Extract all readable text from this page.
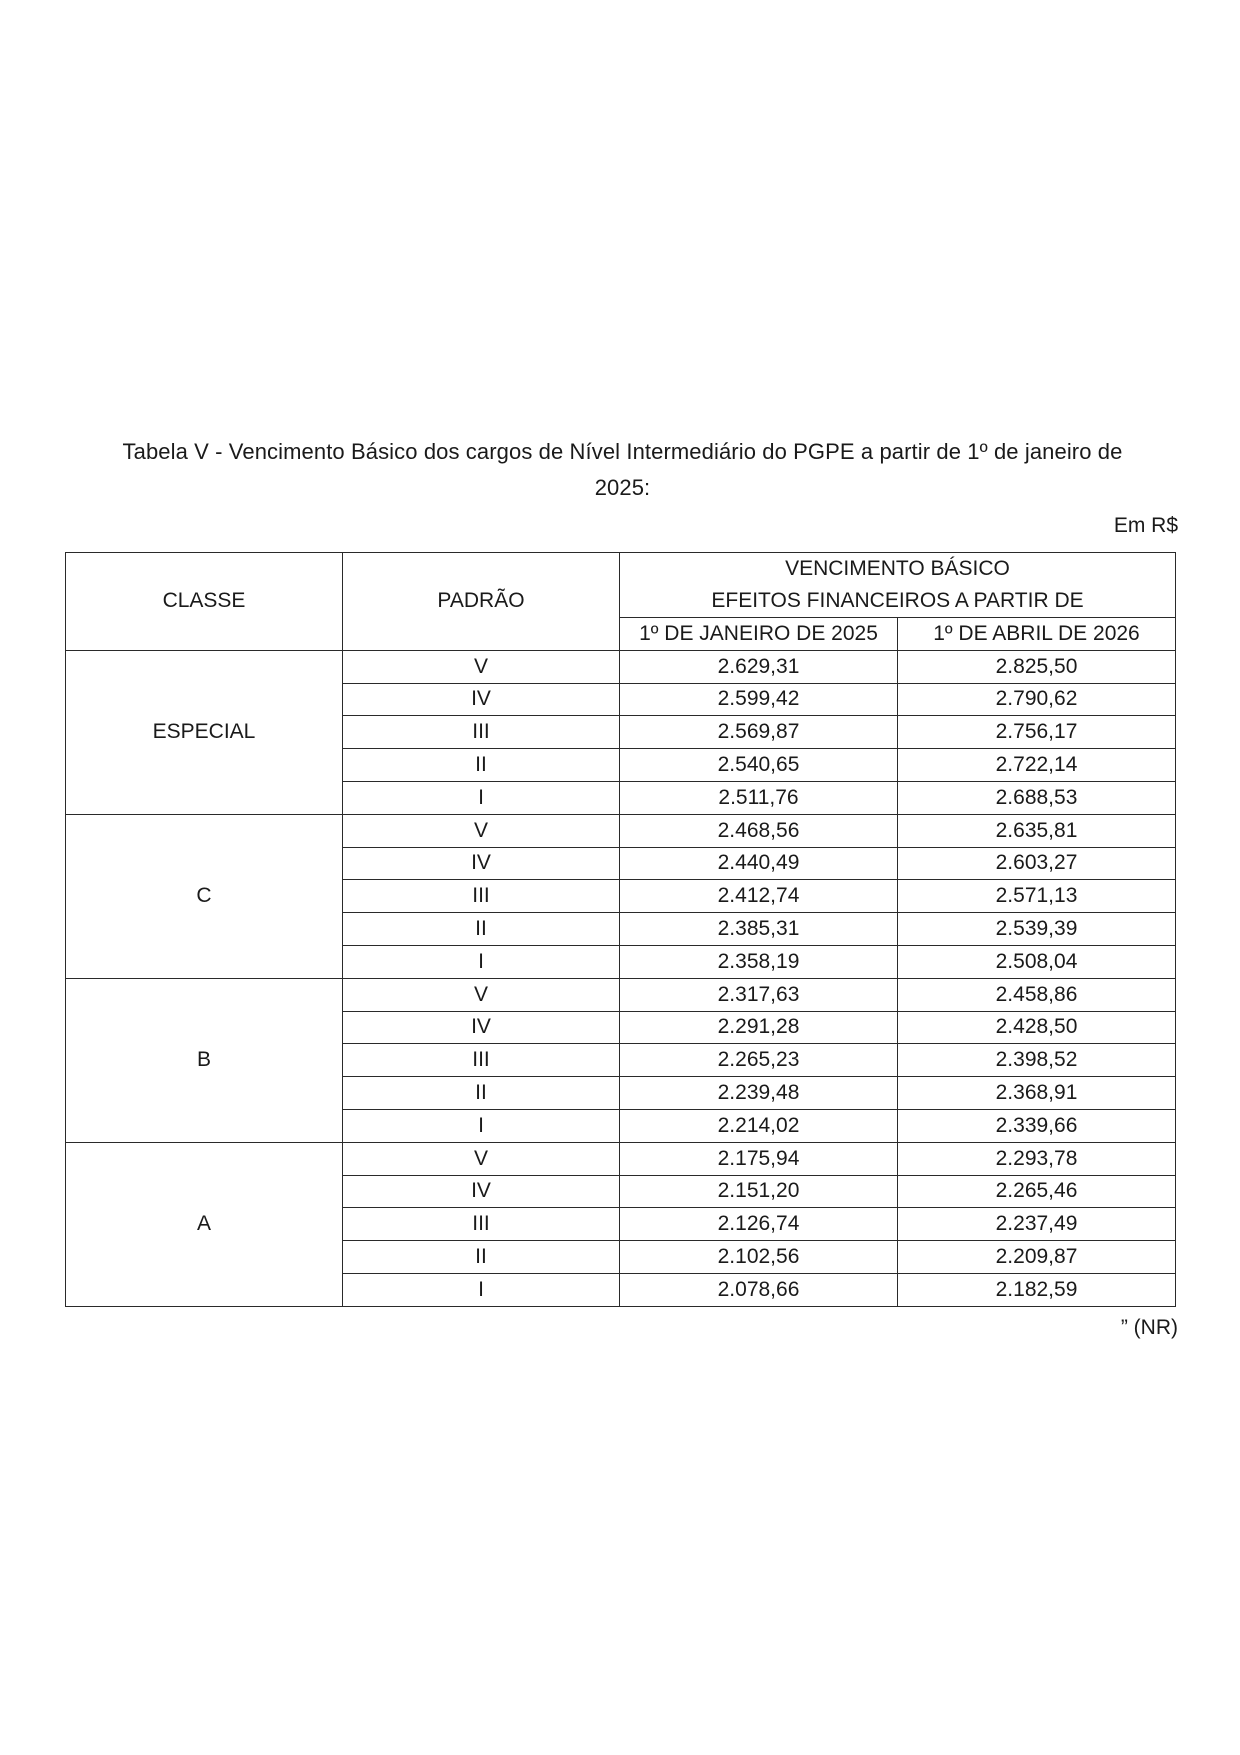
Tabela V - Vencimento Básico dos cargos de Nível Intermediário do PGPE a partir de 1º de janeiro de
2025:
Em R$
CLASSE	PADRÃO	VENCIMENTO BÁSICO
EFEITOS FINANCEIROS A PARTIR DE	

		1º DE JANEIRO DE 2025	1º DE ABRIL DE 2026
ESPECIAL	V	2.629,31	2.825,50
	IV	2.599,42	2.790,62
	III	2.569,87	2.756,17
	II	2.540,65	2.722,14
	I	2.511,76	2.688,53
C	V	2.468,56	2.635,81
	IV	2.440,49	2.603,27
	III	2.412,74	2.571,13
	II	2.385,31	2.539,39
	I	2.358,19	2.508,04
B	V	2.317,63	2.458,86
	IV	2.291,28	2.428,50
	III	2.265,23	2.398,52
	II	2.239,48	2.368,91
	I	2.214,02	2.339,66
A	V	2.175,94	2.293,78
	IV	2.151,20	2.265,46
	III	2.126,74	2.237,49
	II	2.102,56	2.209,87
	I	2.078,66	2.182,59
” (NR)
